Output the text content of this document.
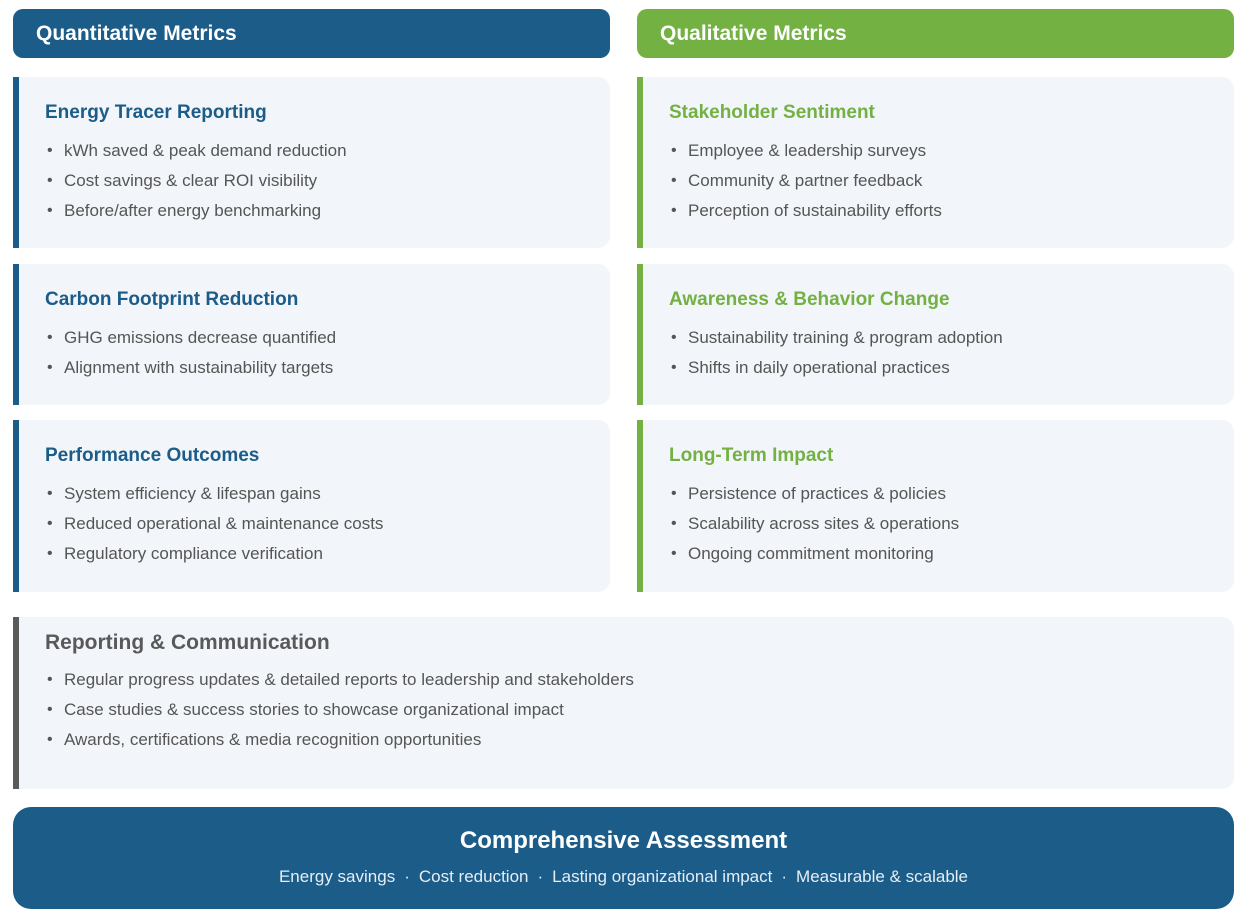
Quantitative Metrics	Qualitative Metrics
Energy Tracer Reporting
• kWh saved & peak demand reduction
• Cost savings & clear ROI visibility
• Before/after energy benchmarking
Carbon Footprint Reduction
• GHG emissions decrease quantified
• Alignment with sustainability targets
Performance Outcomes
• System efficiency & lifespan gains
• Reduced operational & maintenance costs
• Regulatory compliance verification
Stakeholder Sentiment
• Employee & leadership surveys
• Community & partner feedback
• Perception of sustainability efforts
Awareness & Behavior Change
• Sustainability training & program adoption
• Shifts in daily operational practices
Long-Term Impact
• Persistence of practices & policies
• Scalability across sites & operations
• Ongoing commitment monitoring
Reporting & Communication
• Regular progress updates & detailed reports to leadership and stakeholders
• Case studies & success stories to showcase organizational impact
• Awards, certifications & media recognition opportunities
Comprehensive Assessment
Energy savings · Cost reduction · Lasting organizational impact · Measurable & scalable
